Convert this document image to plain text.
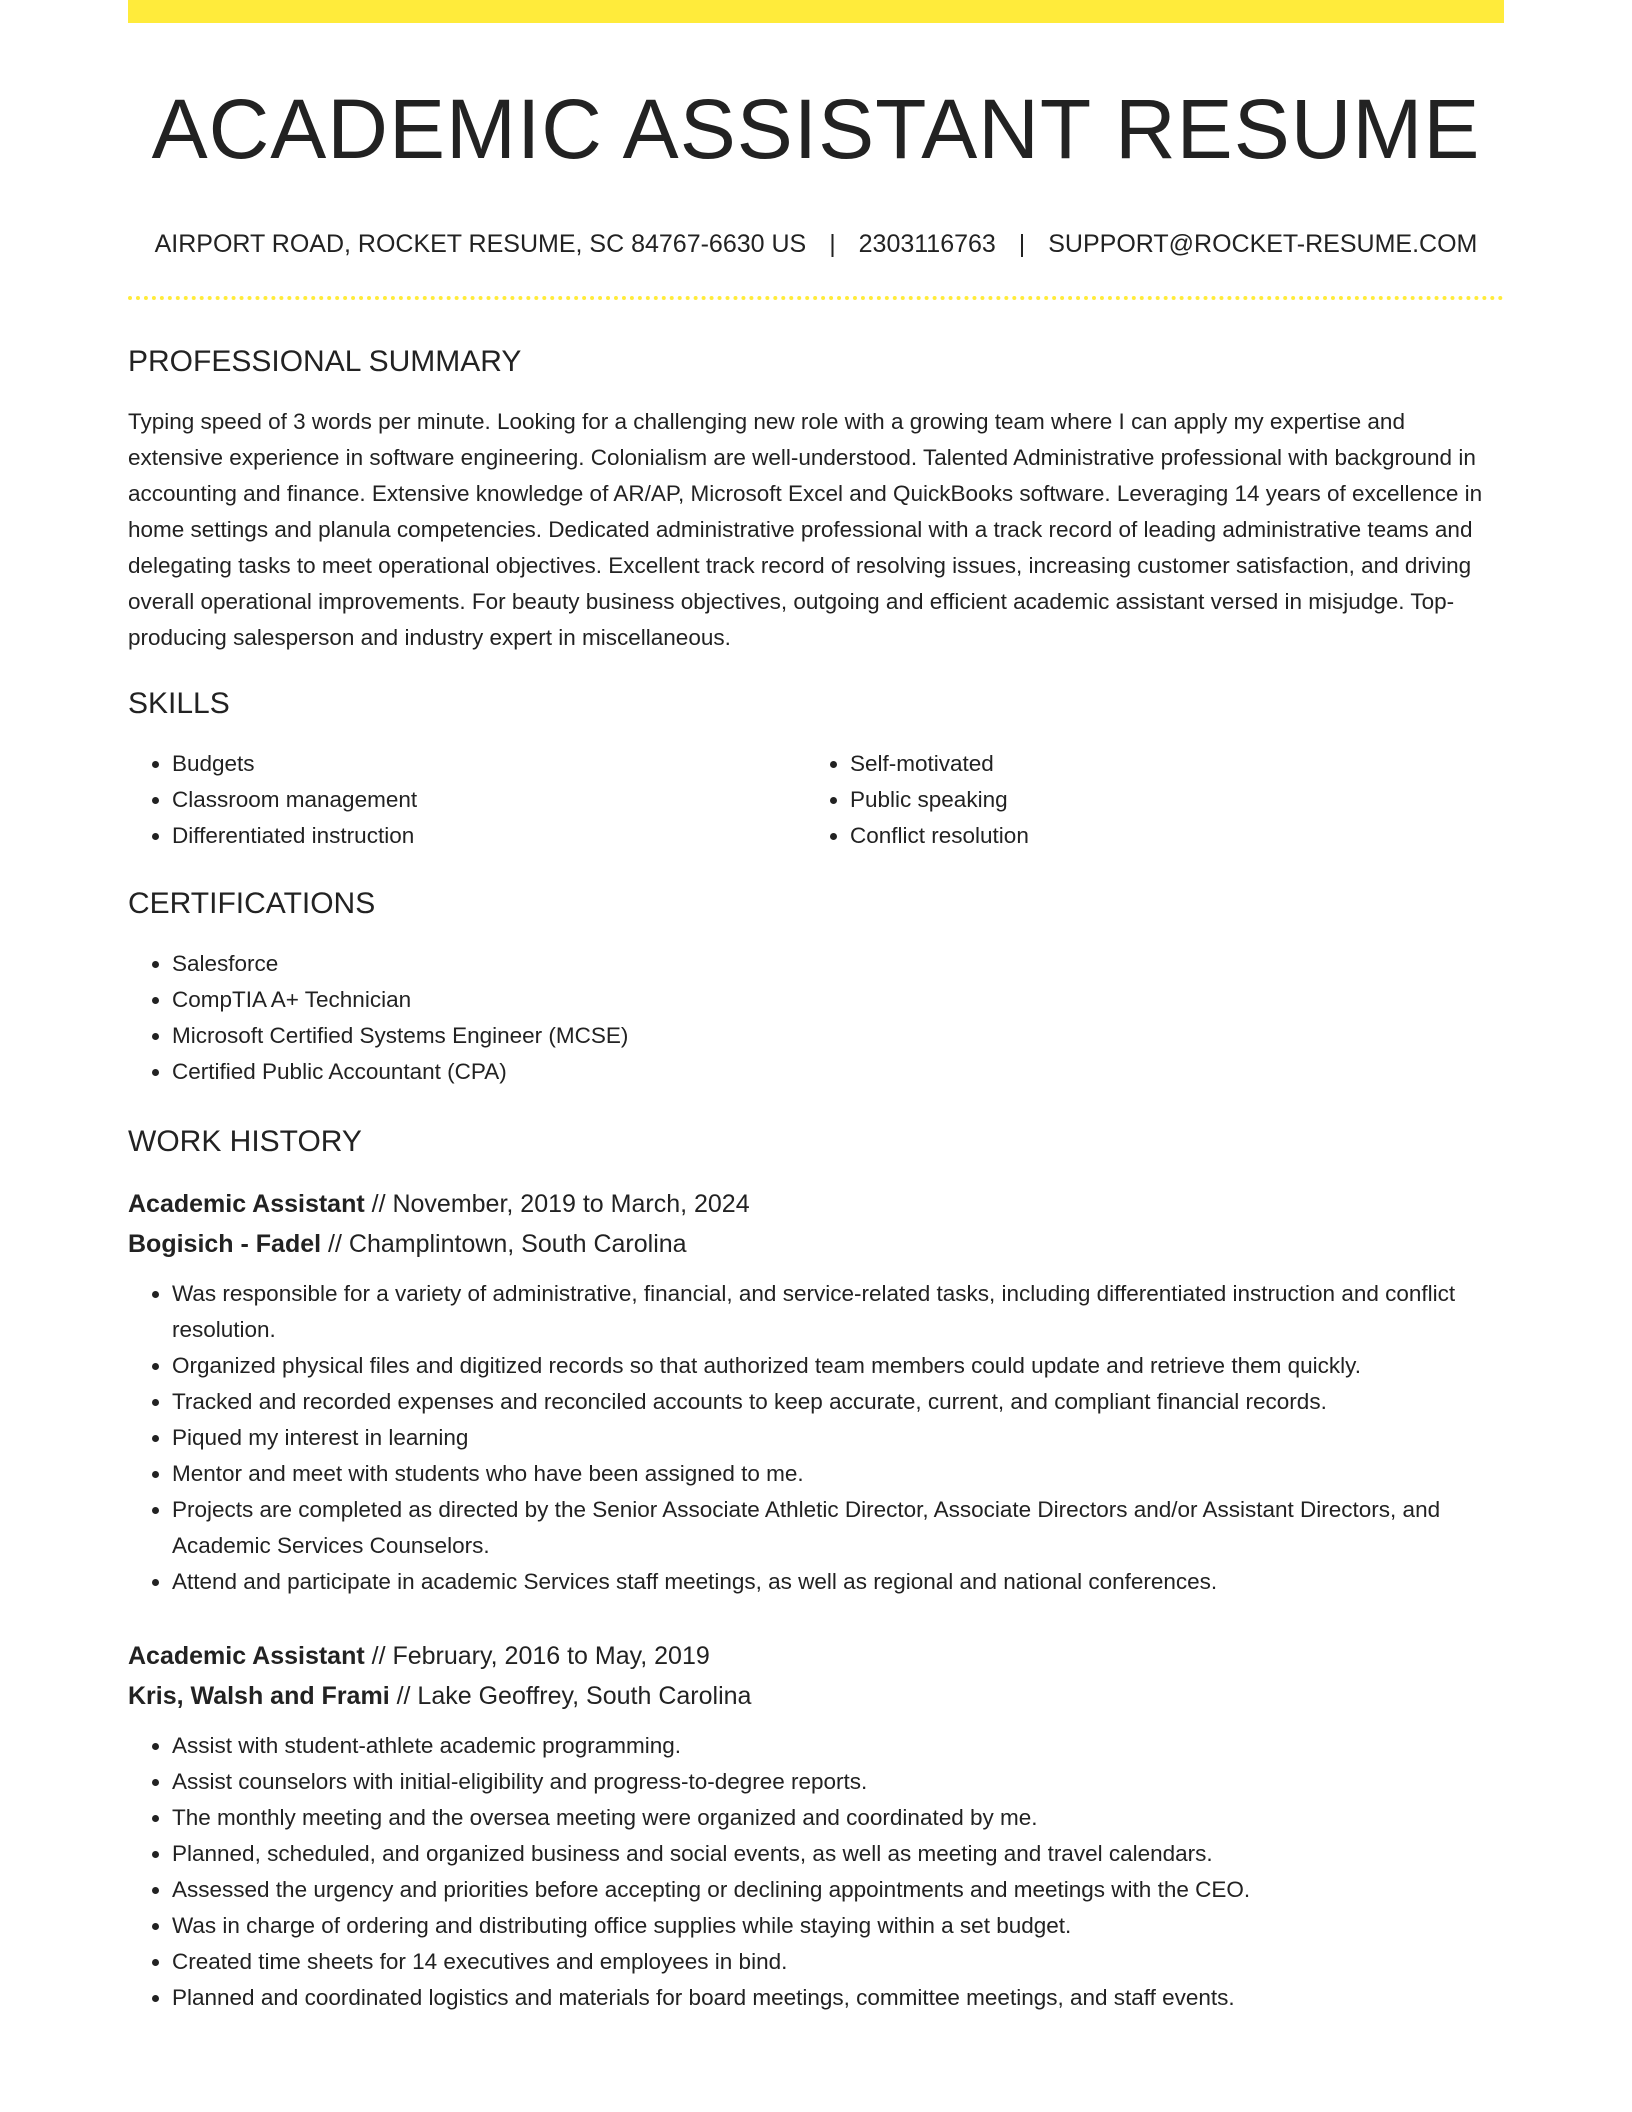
ACADEMIC ASSISTANT RESUME
AIRPORT ROAD, ROCKET RESUME, SC 84767-6630 US | 2303116763 | SUPPORT@ROCKET-RESUME.COM
PROFESSIONAL SUMMARY

Typing speed of 3 words per minute. Looking for a challenging new role with a growing team where I can apply my expertise and extensive experience in software engineering. Colonialism are well-understood. Talented Administrative professional with background in accounting and finance. Extensive knowledge of AR/AP, Microsoft Excel and QuickBooks software. Leveraging 14 years of excellence in home settings and planula competencies. Dedicated administrative professional with a track record of leading administrative teams and delegating tasks to meet operational objectives. Excellent track record of resolving issues, increasing customer satisfaction, and driving overall operational improvements. For beauty business objectives, outgoing and efficient academic assistant versed in misjudge. Top-producing salesperson and industry expert in miscellaneous.

SKILLS
• Budgets
• Classroom management
• Differentiated instruction
• Self-motivated
• Public speaking
• Conflict resolution
CERTIFICATIONS
• Salesforce
• CompTIA A+ Technician
• Microsoft Certified Systems Engineer (MCSE)
• Certified Public Accountant (CPA)
WORK HISTORY
Academic Assistant // November, 2019 to March, 2024
Bogisich - Fadel // Champlintown, South Carolina
• Was responsible for a variety of administrative, financial, and service-related tasks, including differentiated instruction and conflict resolution.
• Organized physical files and digitized records so that authorized team members could update and retrieve them quickly.
• Tracked and recorded expenses and reconciled accounts to keep accurate, current, and compliant financial records.
• Piqued my interest in learning
• Mentor and meet with students who have been assigned to me.
• Projects are completed as directed by the Senior Associate Athletic Director, Associate Directors and/or Assistant Directors, and Academic Services Counselors.
• Attend and participate in academic Services staff meetings, as well as regional and national conferences.
Academic Assistant // February, 2016 to May, 2019
Kris, Walsh and Frami // Lake Geoffrey, South Carolina
• Assist with student-athlete academic programming.
• Assist counselors with initial-eligibility and progress-to-degree reports.
• The monthly meeting and the oversea meeting were organized and coordinated by me.
• Planned, scheduled, and organized business and social events, as well as meeting and travel calendars.
• Assessed the urgency and priorities before accepting or declining appointments and meetings with the CEO.
• Was in charge of ordering and distributing office supplies while staying within a set budget.
• Created time sheets for 14 executives and employees in bind.
• Planned and coordinated logistics and materials for board meetings, committee meetings, and staff events.
